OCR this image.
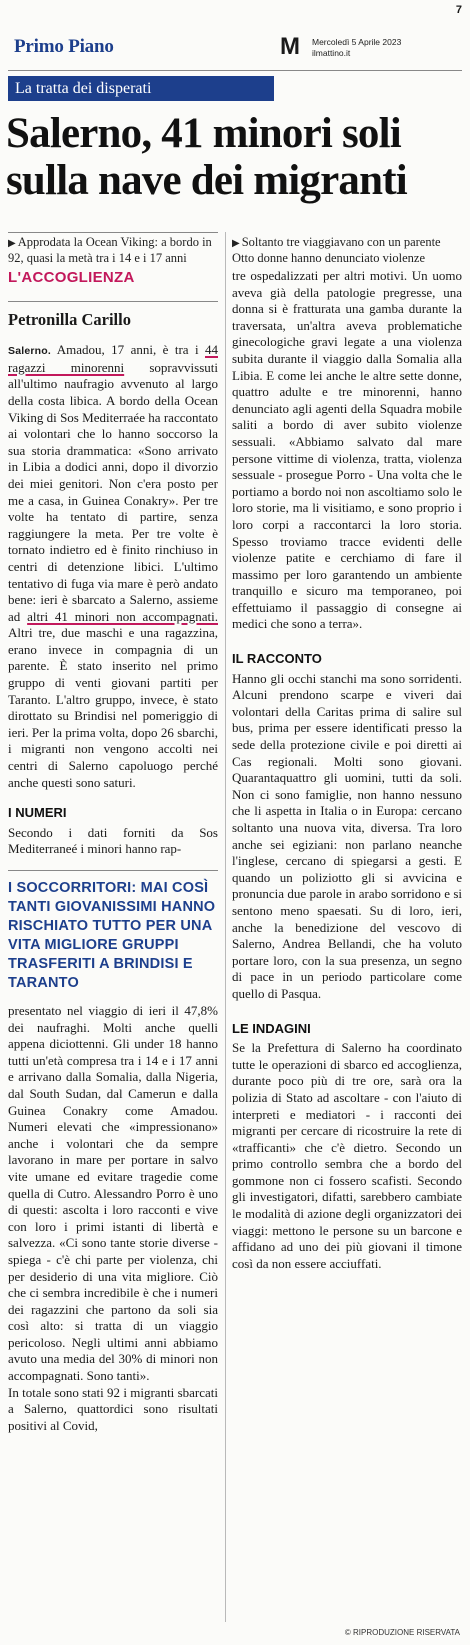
7
Primo Piano	M Mercoledì 5 Aprile 2023
ilmattino.it
La tratta dei disperati
Salerno, 41 minori soli sulla nave dei migranti
▶ Approdata la Ocean Viking: a bordo in 92, quasi la metà tra i 14 e i 17 anni
▶ Soltanto tre viaggiavano con un parente Otto donne hanno denunciato violenze
L'ACCOGLIENZA
Petronilla Carillo

Salerno. Amadou, 17 anni, è tra i 44 ragazzi minorenni sopravvissuti all'ultimo naufragio avvenuto al largo della costa libica. A bordo della Ocean Viking di Sos Mediterraée ha raccontato ai volontari che lo hanno soccorso la sua storia drammatica: «Sono arrivato in Libia a dodici anni, dopo il divorzio dei miei genitori. Non c'era posto per me a casa, in Guinea Conakry». Per tre volte ha tentato di partire, senza raggiungere la meta. Per tre volte è tornato indietro ed è finito rinchiuso in centri di detenzione libici. L'ultimo tentativo di fuga via mare è però andato bene: ieri è sbarcato a Salerno, assieme ad altri 41 minori non accompagnati. Altri tre, due maschi e una ragazzina, erano invece in compagnia di un parente. È stato inserito nel primo gruppo di venti giovani partiti per Taranto. L'altro gruppo, invece, è stato dirottato su Brindisi nel pomeriggio di ieri. Per la prima volta, dopo 26 sbarchi, i migranti non vengono accolti nei centri di Salerno capoluogo perché anche questi sono saturi.

I NUMERI

Secondo i dati forniti da Sos Mediterraneé i minori hanno rap-

I SOCCORRITORI: MAI COSÌ TANTI GIOVANISSIMI HANNO RISCHIATO TUTTO PER UNA VITA MIGLIORE GRUPPI TRASFERITI A BRINDISI E TARANTO

presentato nel viaggio di ieri il 47,8% dei naufraghi. Molti anche quelli appena diciottenni. Gli under 18 hanno tutti un'età compresa tra i 14 e i 17 anni e arrivano dalla Somalia, dalla Nigeria, dal South Sudan, dal Camerun e dalla Guinea Conakry come Amadou. Numeri elevati che «impressionano» anche i volontari che da sempre lavorano in mare per portare in salvo vite umane ed evitare tragedie come quella di Cutro. Alessandro Porro è uno di questi: ascolta i loro racconti e vive con loro i primi istanti di libertà e salvezza. «Ci sono tante storie diverse - spiega - c'è chi parte per violenza, chi per desiderio di una vita migliore. Ciò che ci sembra incredibile è che i numeri dei ragazzini che partono da soli sia così alto: si tratta di un viaggio pericoloso. Negli ultimi anni abbiamo avuto una media del 30% di minori non accompagnati. Sono tanti».

In totale sono stati 92 i migranti sbarcati a Salerno, quattordici sono risultati positivi al Covid,

tre ospedalizzati per altri motivi. Un uomo aveva già della patologie pregresse, una donna si è fratturata una gamba durante la traversata, un'altra aveva problematiche ginecologiche gravi legate a una violenza subita durante il viaggio dalla Somalia alla Libia. E come lei anche le altre sette donne, quattro adulte e tre minorenni, hanno denunciato agli agenti della Squadra mobile saliti a bordo di aver subito violenze sessuali. «Abbiamo salvato dal mare persone vittime di violenza, tratta, violenza sessuale - prosegue Porro - Una volta che le portiamo a bordo noi non ascoltiamo solo le loro storie, ma li visitiamo, e sono proprio i loro corpi a raccontarci la loro storia. Spesso troviamo tracce evidenti delle violenze patite e cerchiamo di fare il massimo per loro garantendo un ambiente tranquillo e sicuro ma temporaneo, poi effettuiamo il passaggio di consegne ai medici che sono a terra».

IL RACCONTO

Hanno gli occhi stanchi ma sono sorridenti. Alcuni prendono scarpe e viveri dai volontari della Caritas prima di salire sul bus, prima per essere identificati presso la sede della protezione civile e poi diretti ai Cas regionali. Molti sono giovani. Quarantaquattro gli uomini, tutti da soli. Non ci sono famiglie, non hanno nessuno che li aspetta in Italia o in Europa: cercano soltanto una nuova vita, diversa. Tra loro anche sei egiziani: non parlano neanche l'inglese, cercano di spiegarsi a gesti. E quando un poliziotto gli si avvicina e pronuncia due parole in arabo sorridono e si sentono meno spaesati. Su di loro, ieri, anche la benedizione del vescovo di Salerno, Andrea Bellandi, che ha voluto portare loro, con la sua presenza, un segno di pace in un periodo particolare come quello di Pasqua.

LE INDAGINI

Se la Prefettura di Salerno ha coordinato tutte le operazioni di sbarco ed accoglienza, durante poco più di tre ore, sarà ora la polizia di Stato ad ascoltare - con l'aiuto di interpreti e mediatori - i racconti dei migranti per cercare di ricostruire la rete di «trafficanti» che c'è dietro. Secondo un primo controllo sembra che a bordo del gommone non ci fossero scafisti. Secondo gli investigatori, difatti, sarebbero cambiate le modalità di azione degli organizzatori dei viaggi: mettono le persone su un barcone e affidano ad uno dei più giovani il timone così da non essere acciuffati.

© RIPRODUZIONE RISERVATA
